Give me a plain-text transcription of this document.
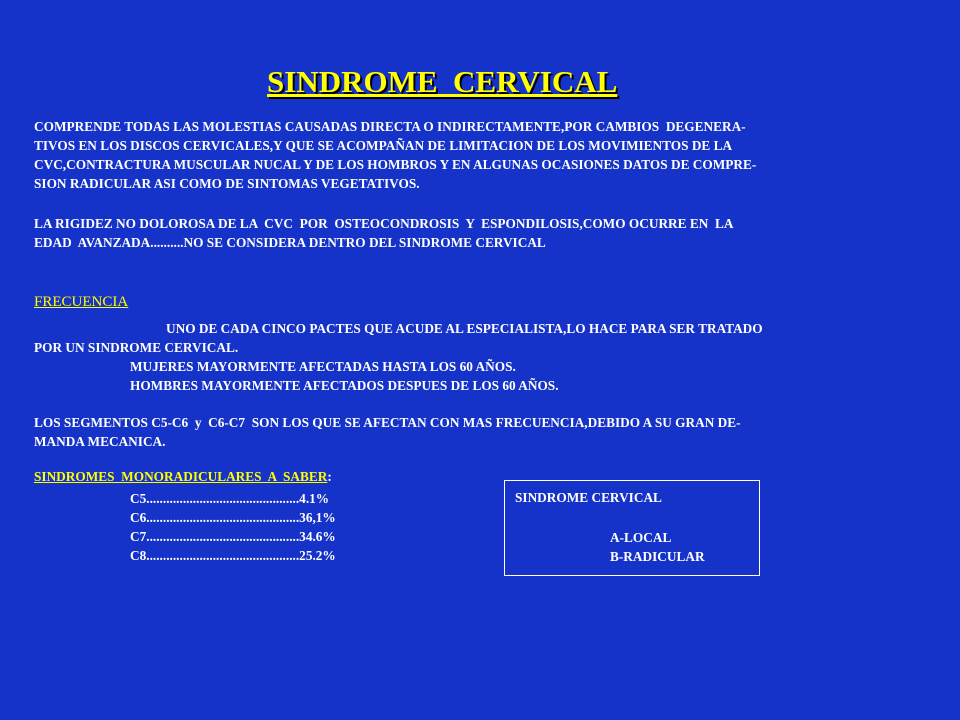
SINDROME  CERVICAL
COMPRENDE TODAS LAS MOLESTIAS CAUSADAS DIRECTA O INDIRECTAMENTE,POR CAMBIOS  DEGENERA-
TIVOS EN LOS DISCOS CERVICALES,Y QUE SE ACOMPAÑAN DE LIMITACION DE LOS MOVIMIENTOS DE LA
CVC,CONTRACTURA MUSCULAR NUCAL Y DE LOS HOMBROS Y EN ALGUNAS OCASIONES DATOS DE COMPRE-
SION RADICULAR ASI COMO DE SINTOMAS VEGETATIVOS.
LA RIGIDEZ NO DOLOROSA DE LA  CVC  POR  OSTEOCONDROSIS  Y  ESPONDILOSIS,COMO OCURRE EN  LA
EDAD  AVANZADA..........NO SE CONSIDERA DENTRO DEL SINDROME CERVICAL
FRECUENCIA
UNO DE CADA CINCO PACTES QUE ACUDE AL ESPECIALISTA,LO HACE PARA SER TRATADO
POR UN SINDROME CERVICAL.
MUJERES MAYORMENTE AFECTADAS HASTA LOS 60 AÑOS.
HOMBRES MAYORMENTE AFECTADOS DESPUES DE LOS 60 AÑOS.
LOS SEGMENTOS C5-C6  y  C6-C7  SON LOS QUE SE AFECTAN CON MAS FRECUENCIA,DEBIDO A SU GRAN DE-
MANDA MECANICA.
SINDROMES  MONORADICULARES  A  SABER:
C5..............................................4.1%
C6..............................................36,1%
C7..............................................34.6%
C8..............................................25.2%
SINDROME CERVICAL
A-LOCAL
B-RADICULAR
